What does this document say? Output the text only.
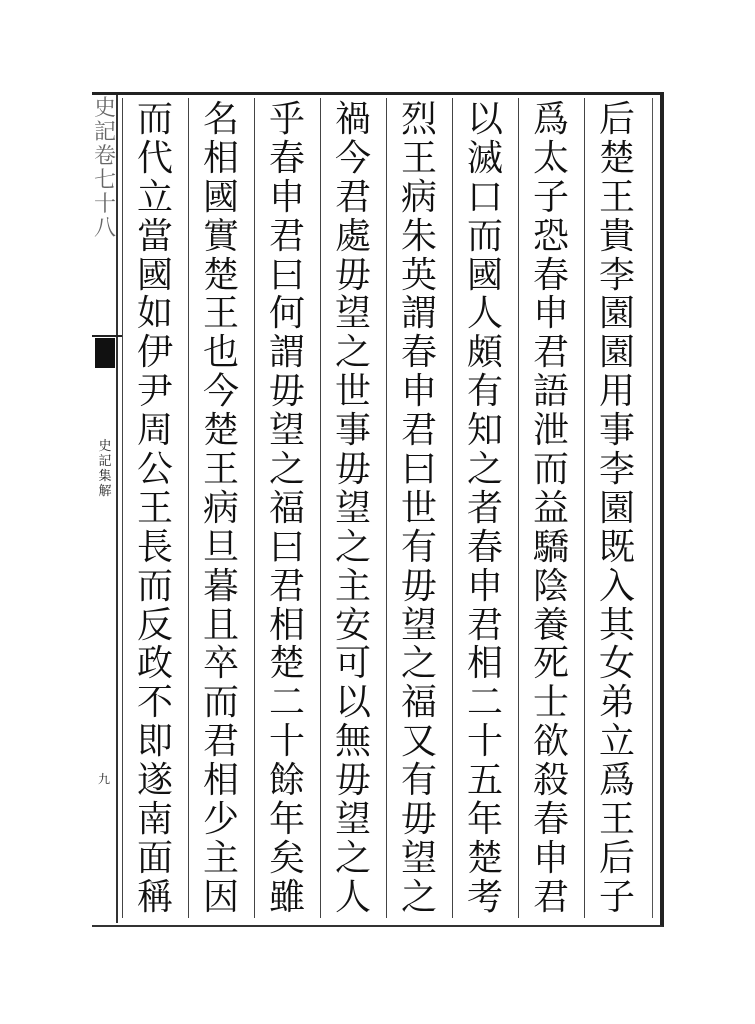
史
記
卷
七
十
八
史
記
集
解
九
后
楚
王
貴
李
園
園
用
事
李
園
既
入
其
女
弟
立
爲
王
后
子
爲
太
子
恐
春
申
君
語
泄
而
益
驕
陰
養
死
士
欲
殺
春
申
君
以
滅
口
而
國
人
頗
有
知
之
者
春
申
君
相
二
十
五
年
楚
考
烈
王
病
朱
英
謂
春
申
君
曰
世
有
毋
望
之
福
又
有
毋
望
之
禍
今
君
處
毋
望
之
世
事
毋
望
之
主
安
可
以
無
毋
望
之
人
乎
春
申
君
曰
何
謂
毋
望
之
福
曰
君
相
楚
二
十
餘
年
矣
雖
名
相
國
實
楚
王
也
今
楚
王
病
旦
暮
且
卒
而
君
相
少
主
因
而
代
立
當
國
如
伊
尹
周
公
王
長
而
反
政
不
即
遂
南
面
稱
